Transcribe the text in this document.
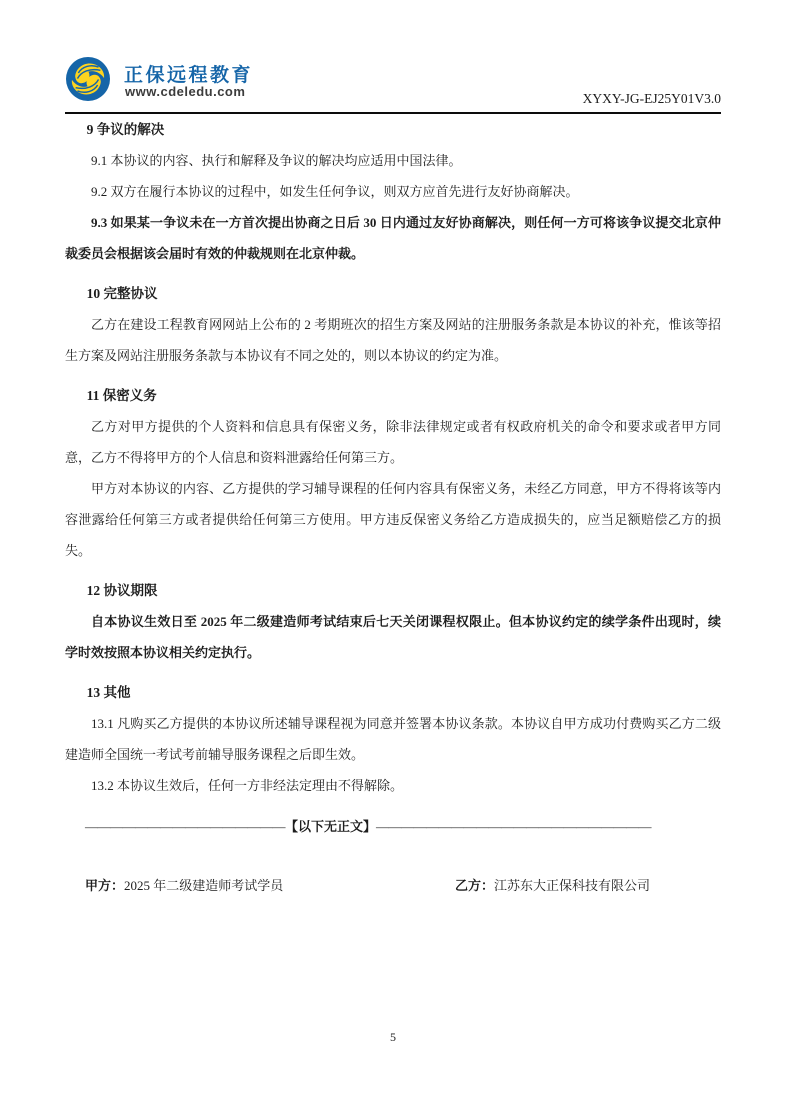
正保远程教育
www.cdeledu.com	XYXY-JG-EJ25Y01V3.0
9 争议的解决

9.1 本协议的内容、执行和解释及争议的解决均应适用中国法律。

9.2 双方在履行本协议的过程中，如发生任何争议，则双方应首先进行友好协商解决。

9.3 如果某一争议未在一方首次提出协商之日后 30 日内通过友好协商解决，则任何一方可将该争议提交北京仲裁委员会根据该会届时有效的仲裁规则在北京仲裁。

10 完整协议

乙方在建设工程教育网网站上公布的 2 考期班次的招生方案及网站的注册服务条款是本协议的补充，惟该等招生方案及网站注册服务条款与本协议有不同之处的，则以本协议的约定为准。

11 保密义务

乙方对甲方提供的个人资料和信息具有保密义务，除非法律规定或者有权政府机关的命令和要求或者甲方同意，乙方不得将甲方的个人信息和资料泄露给任何第三方。

甲方对本协议的内容、乙方提供的学习辅导课程的任何内容具有保密义务，未经乙方同意，甲方不得将该等内容泄露给任何第三方或者提供给任何第三方使用。甲方违反保密义务给乙方造成损失的，应当足额赔偿乙方的损失。

12 协议期限

自本协议生效日至 2025 年二级建造师考试结束后七天关闭课程权限止。但本协议约定的续学条件出现时，续学时效按照本协议相关约定执行。

13 其他

13.1 凡购买乙方提供的本协议所述辅导课程视为同意并签署本协议条款。本协议自甲方成功付费购买乙方二级建造师全国统一考试考前辅导服务课程之后即生效。

13.2 本协议生效后，任何一方非经法定理由不得解除。

————————————————【以下无正文】——————————————————————
甲方：2025 年二级建造师考试学员	乙方：江苏东大正保科技有限公司
5
